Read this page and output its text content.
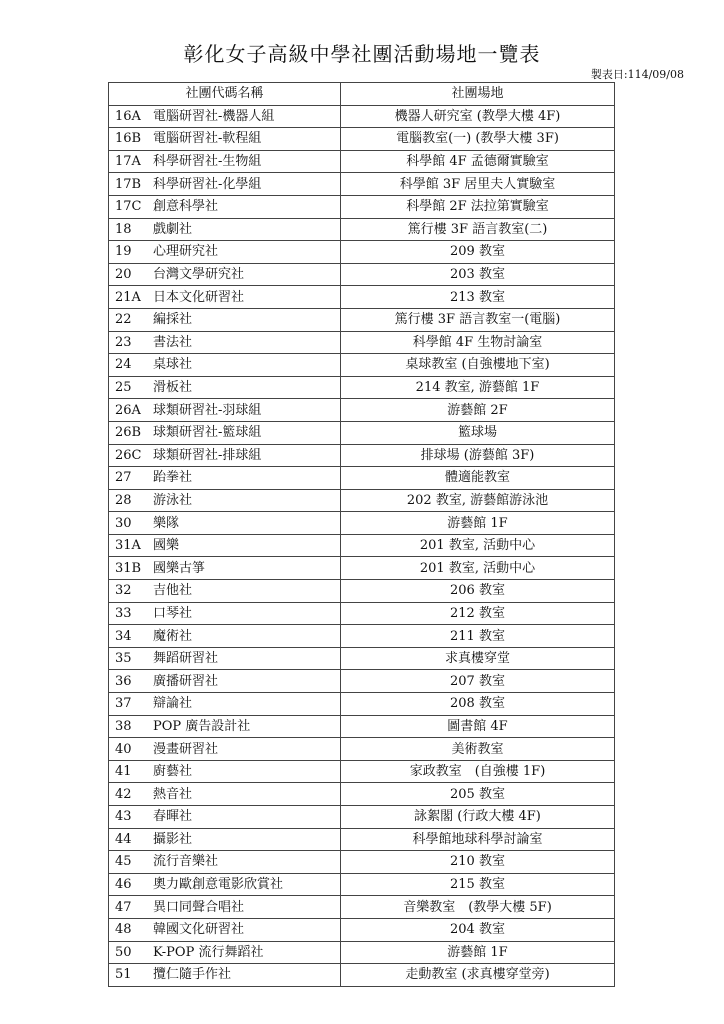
彰化女子高級中學社團活動場地一覽表
製表日:114/09/08
社團代碼名稱	社團場地
16A 電腦研習社-機器人組	機器人研究室 (教學大樓 4F)
16B 電腦研習社-軟程組	電腦教室(一) (教學大樓 3F)
17A 科學研習社-生物組	科學館 4F 孟德爾實驗室
17B 科學研習社-化學組	科學館 3F 居里夫人實驗室
17C 創意科學社	科學館 2F 法拉第實驗室
18 戲劇社	篤行樓 3F 語言教室(二)
19 心理研究社	209 教室
20 台灣文學研究社	203 教室
21A 日本文化研習社	213 教室
22 編採社	篤行樓 3F 語言教室一(電腦)
23 書法社	科學館 4F 生物討論室
24 桌球社	桌球教室 (自強樓地下室)
25 滑板社	214 教室, 游藝館 1F
26A 球類研習社-羽球組	游藝館 2F
26B 球類研習社-籃球組	籃球場
26C 球類研習社-排球組	排球場 (游藝館 3F)
27 跆拳社	體適能教室
28 游泳社	202 教室, 游藝館游泳池
30 樂隊	游藝館 1F
31A 國樂	201 教室, 活動中心
31B 國樂古箏	201 教室, 活動中心
32 吉他社	206 教室
33 口琴社	212 教室
34 魔術社	211 教室
35 舞蹈研習社	求真樓穿堂
36 廣播研習社	207 教室
37 辯論社	208 教室
38 POP 廣告設計社	圖書館 4F
40 漫畫研習社	美術教室
41 廚藝社	家政教室　(自強樓 1F)
42 熱音社	205 教室
43 春暉社	詠絮閣 (行政大樓 4F)
44 攝影社	科學館地球科學討論室
45 流行音樂社	210 教室
46 奧力歐創意電影欣賞社	215 教室
47 異口同聲合唱社	音樂教室　(教學大樓 5F)
48 韓國文化研習社	204 教室
50 K-POP 流行舞蹈社	游藝館 1F
51 攬仁隨手作社	走動教室 (求真樓穿堂旁)
